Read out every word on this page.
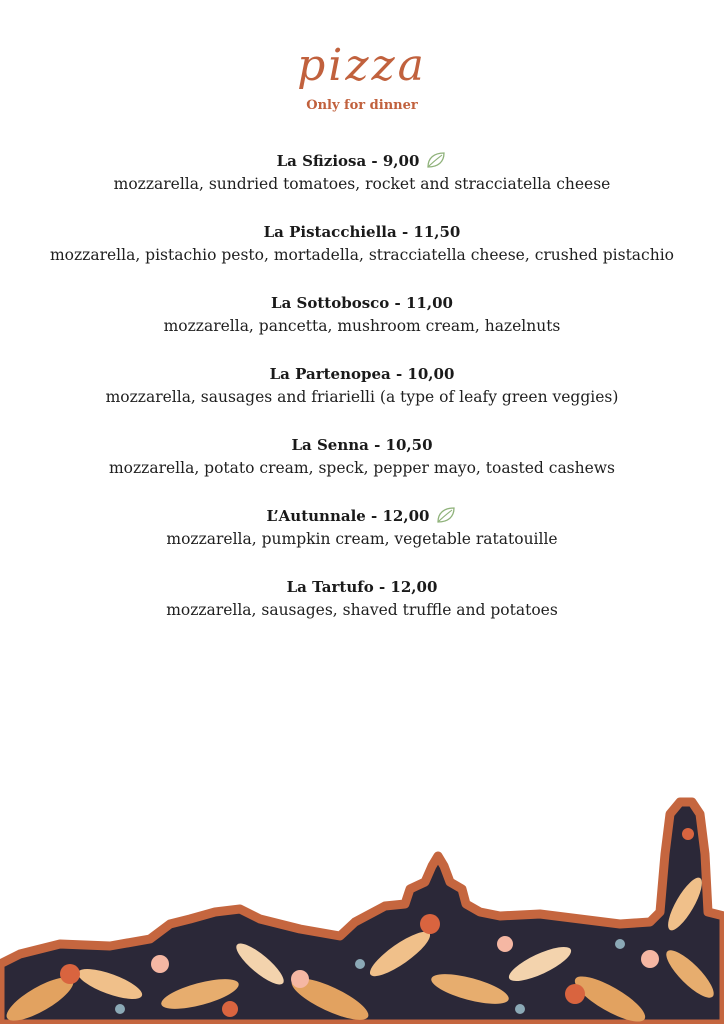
pizza
Only for dinner
La Sfiziosa - 9,00
mozzarella, sundried tomatoes, rocket and stracciatella cheese
La Pistacchiella - 11,50
mozzarella, pistachio pesto, mortadella, stracciatella cheese, crushed pistachio
La Sottobosco - 11,00
mozzarella, pancetta, mushroom cream, hazelnuts
La Partenopea - 10,00
mozzarella, sausages and friarielli (a type of leafy green veggies)
La Senna - 10,50
mozzarella, potato cream, speck, pepper mayo, toasted cashews
L’Autunnale - 12,00
mozzarella, pumpkin cream, vegetable ratatouille
La Tartufo - 12,00
mozzarella, sausages, shaved truffle and potatoes
